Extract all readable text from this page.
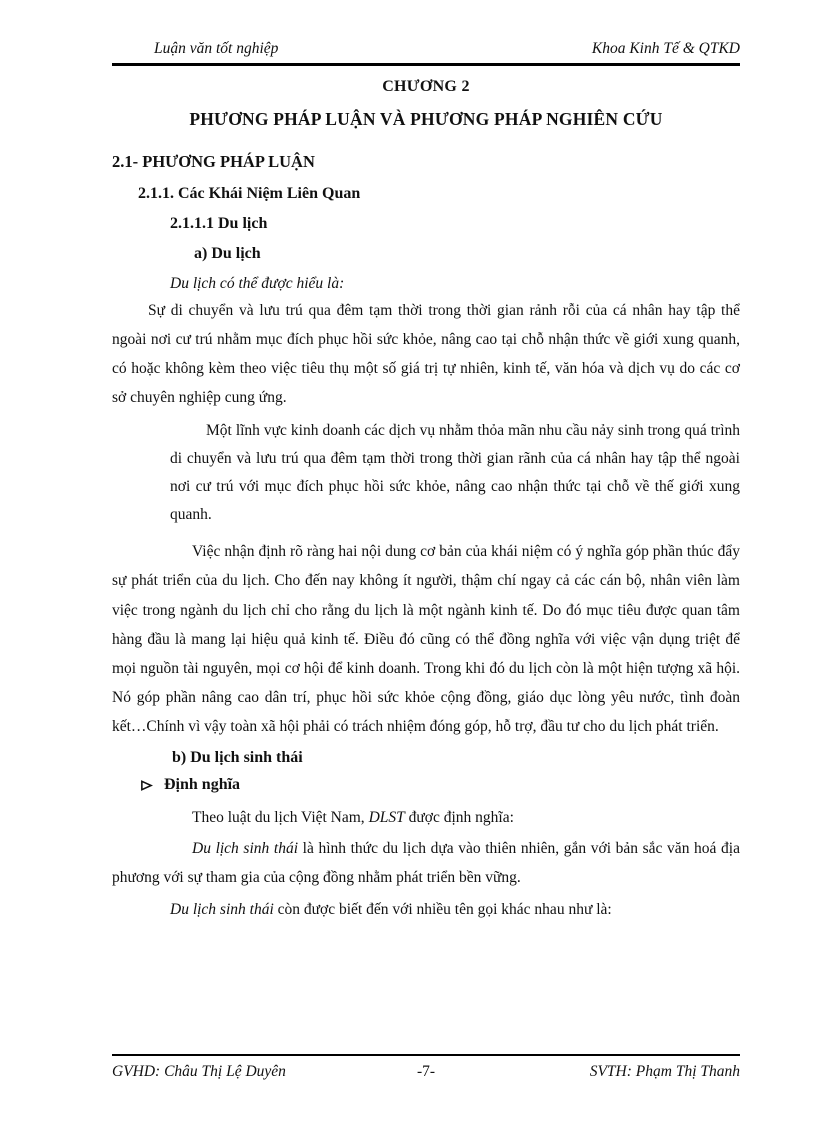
Luận văn tốt nghiệp	Khoa Kinh Tế & QTKD
CHƯƠNG 2
PHƯƠNG PHÁP LUẬN VÀ PHƯƠNG PHÁP NGHIÊN CỨU
2.1- PHƯƠNG PHÁP LUẬN
2.1.1. Các Khái Niệm Liên Quan
2.1.1.1 Du lịch
a) Du lịch
Du lịch có thể được hiểu là:

Sự di chuyển và lưu trú qua đêm tạm thời trong thời gian rảnh rỗi của cá nhân hay tập thể ngoài nơi cư trú nhằm mục đích phục hồi sức khỏe, nâng cao tại chỗ nhận thức về giới xung quanh, có hoặc không kèm theo việc tiêu thụ một số giá trị tự nhiên, kinh tế, văn hóa và dịch vụ do các cơ sở chuyên nghiệp cung ứng.

Một lĩnh vực kinh doanh các dịch vụ nhằm thỏa mãn nhu cầu nảy sinh trong quá trình di chuyển và lưu trú qua đêm tạm thời trong thời gian rãnh của cá nhân hay tập thể ngoài nơi cư trú với mục đích phục hồi sức khỏe, nâng cao nhận thức tại chỗ về thế giới xung quanh.

Việc nhận định rõ ràng hai nội dung cơ bản của khái niệm có ý nghĩa góp phần thúc đẩy sự phát triển của du lịch. Cho đến nay không ít người, thậm chí ngay cả các cán bộ, nhân viên làm việc trong ngành du lịch chỉ cho rằng du lịch là một ngành kinh tế. Do đó mục tiêu được quan tâm hàng đầu là mang lại hiệu quả kinh tế. Điều đó cũng có thể đồng nghĩa với việc vận dụng triệt để mọi nguồn tài nguyên, mọi cơ hội để kinh doanh. Trong khi đó du lịch còn là một hiện tượng xã hội. Nó góp phần nâng cao dân trí, phục hồi sức khỏe cộng đồng, giáo dục lòng yêu nước, tình đoàn kết…Chính vì vậy toàn xã hội phải có trách nhiệm đóng góp, hỗ trợ, đầu tư cho du lịch phát triển.

b) Du lịch sinh thái
Định nghĩa

Theo luật du lịch Việt Nam, DLST được định nghĩa:

Du lịch sinh thái là hình thức du lịch dựa vào thiên nhiên, gắn với bản sắc văn hoá địa phương với sự tham gia của cộng đồng nhằm phát triển bền vững.

Du lịch sinh thái còn được biết đến với nhiều tên gọi khác nhau như là:

GVHD: Châu Thị Lệ Duyên	-7-	SVTH: Phạm Thị Thanh
